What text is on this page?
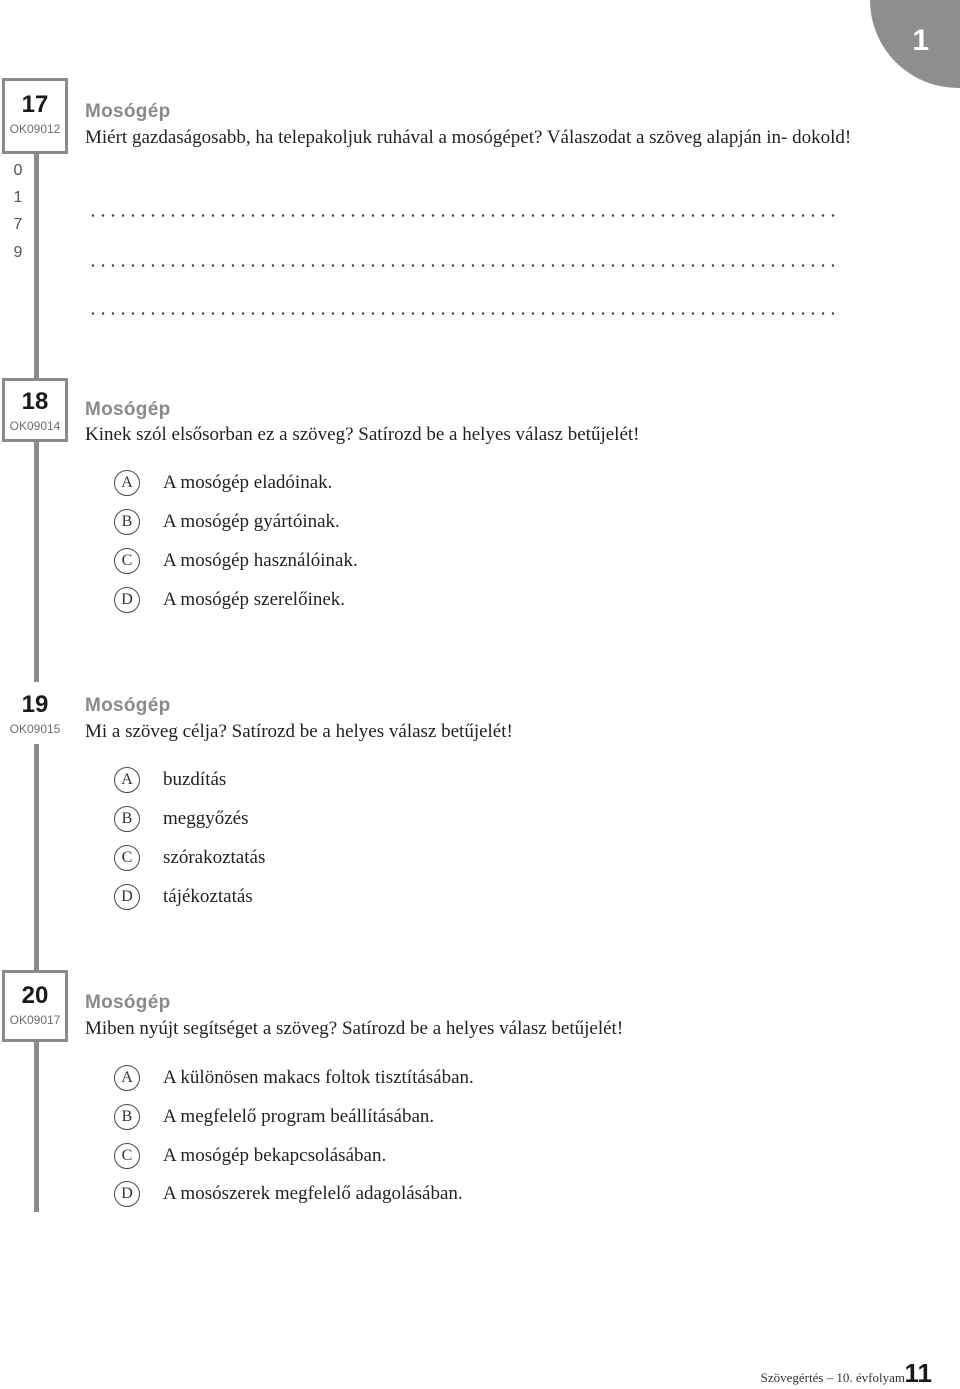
1
17
OK09012
0
1
7
9
Mosógép
Miért gazdaságosabb, ha telepakoljuk ruhával a mosógépet? Válaszodat a szöveg alapján in- dokold!
18
OK09014
Mosógép
Kinek szól elsősorban ez a szöveg? Satírozd be a helyes válasz betűjelét!
A	A mosógép eladóinak.
B	A mosógép gyártóinak.
C	A mosógép használóinak.
D	A mosógép szerelőinek.
19
OK09015
Mosógép
Mi a szöveg célja? Satírozd be a helyes válasz betűjelét!
A	buzdítás
B	meggyőzés
C	szórakoztatás
D	tájékoztatás
20
OK09017
Mosógép
Miben nyújt segítséget a szöveg? Satírozd be a helyes válasz betűjelét!
A	A különösen makacs foltok tisztításában.
B	A megfelelő program beállításában.
C	A mosógép bekapcsolásában.
D	A mosószerek megfelelő adagolásában.
Szövegértés – 10. évfolyam 11
